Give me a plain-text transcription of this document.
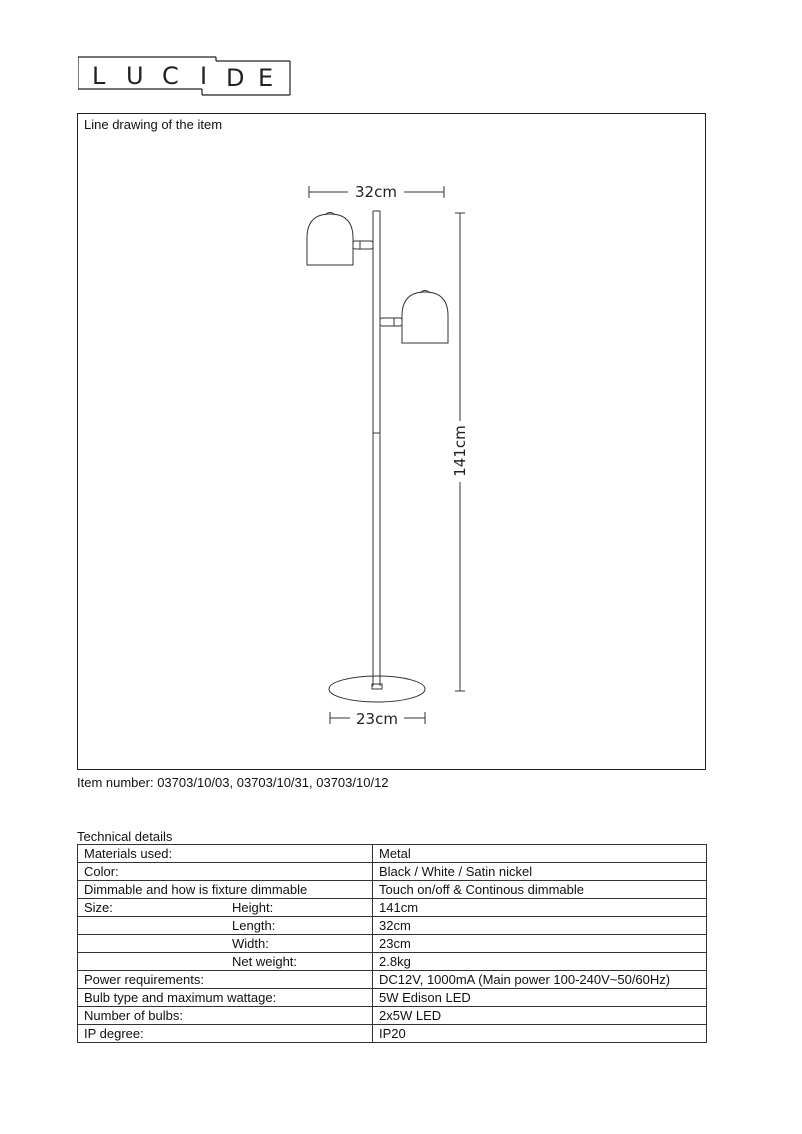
L U C I D E
Line drawing of the item
32cm
23cm
141cm
Item number: 03703/10/03, 03703/10/31, 03703/10/12
Technical details
Materials used:	Metal
Color:	Black / White / Satin nickel
Dimmable and how is fixture dimmable	Touch on/off & Continous dimmable
Size: Height:	141cm
Length:	32cm
Width:	23cm
Net weight:	2.8kg
Power requirements:	DC12V, 1000mA (Main power 100-240V~50/60Hz)
Bulb type and maximum wattage:	5W Edison LED
Number of bulbs:	2x5W LED
IP degree:	IP20
